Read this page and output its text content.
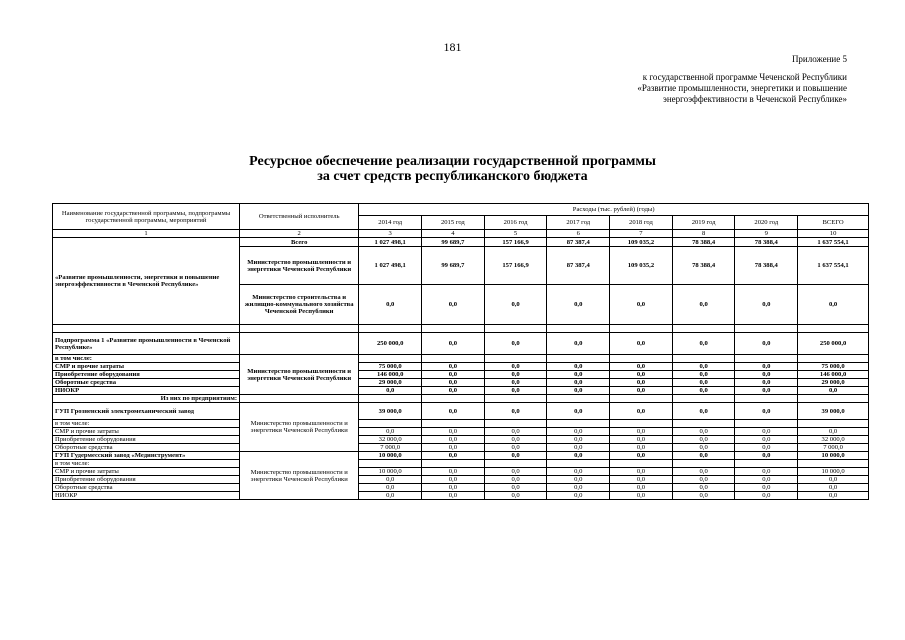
181
Приложение 5
к государственной программе Чеченской Республики
«Развитие промышленности, энергетики и повышение
энергоэффективности в Чеченской Республике»
Ресурсное обеспечение реализации государственной программы
за счет средств республиканского бюджета
Наименование государственной программы, подпрограммы государственной программы, мероприятий	Ответственный исполнитель	Расходы (тыс. рублей) (годы)							
		2014 год	2015 год	2016 год	2017 год	2018 год	2019 год	2020 год	ВСЕГО
1	2	3	4	5	6	7	8	9	10
«Развитие промышленности, энергетики и повышение энергоэффективности в Чеченской Республике»	Всего	1 027 498,1	99 689,7	157 166,9	87 387,4	109 035,2	78 388,4	78 388,4	1 637 554,1
	Министерство промышленности и энергетики Чеченской Республики	1 027 498,1	99 689,7	157 166,9	87 387,4	109 035,2	78 388,4	78 388,4	1 637 554,1
	Министерство строительства и жилищно-коммунального хозяйства Чеченской Республики	0,0	0,0	0,0	0,0	0,0	0,0	0,0	0,0

Подпрограмма 1 «Развитие промышленности в Чеченской Республике»		250 000,0	0,0	0,0	0,0	0,0	0,0	0,0	250 000,0
в том числе:	Министерство промышленности и энергетики Чеченской Республики								
СМР и прочие затраты		75 000,0	0,0	0,0	0,0	0,0	0,0	0,0	75 000,0
Приобретение оборудования		146 000,0	0,0	0,0	0,0	0,0	0,0	0,0	146 000,0
Оборотные средства		29 000,0	0,0	0,0	0,0	0,0	0,0	0,0	29 000,0
НИОКР		0,0	0,0	0,0	0,0	0,0	0,0	0,0	0,0
Из них по предприятиям:									
ГУП Грозненский электромеханический завод	Министерство промышленности и энергетики Чеченской Республики	39 000,0	0,0	0,0	0,0	0,0	0,0	0,0	39 000,0
в том числе:									
СМР и прочие затраты		0,0	0,0	0,0	0,0	0,0	0,0	0,0	0,0
Приобретение оборудования		32 000,0	0,0	0,0	0,0	0,0	0,0	0,0	32 000,0
Оборотные средства		7 000,0	0,0	0,0	0,0	0,0	0,0	0,0	7 000,0
ГУП Гудермесский завод «Мединструмент»	Министерство промышленности и энергетики Чеченской Республики	10 000,0	0,0	0,0	0,0	0,0	0,0	0,0	10 000,0
в том числе:									
СМР и прочие затраты		10 000,0	0,0	0,0	0,0	0,0	0,0	0,0	10 000,0
Приобретение оборудования		0,0	0,0	0,0	0,0	0,0	0,0	0,0	0,0
Оборотные средства		0,0	0,0	0,0	0,0	0,0	0,0	0,0	0,0
НИОКР		0,0	0,0	0,0	0,0	0,0	0,0	0,0	0,0
